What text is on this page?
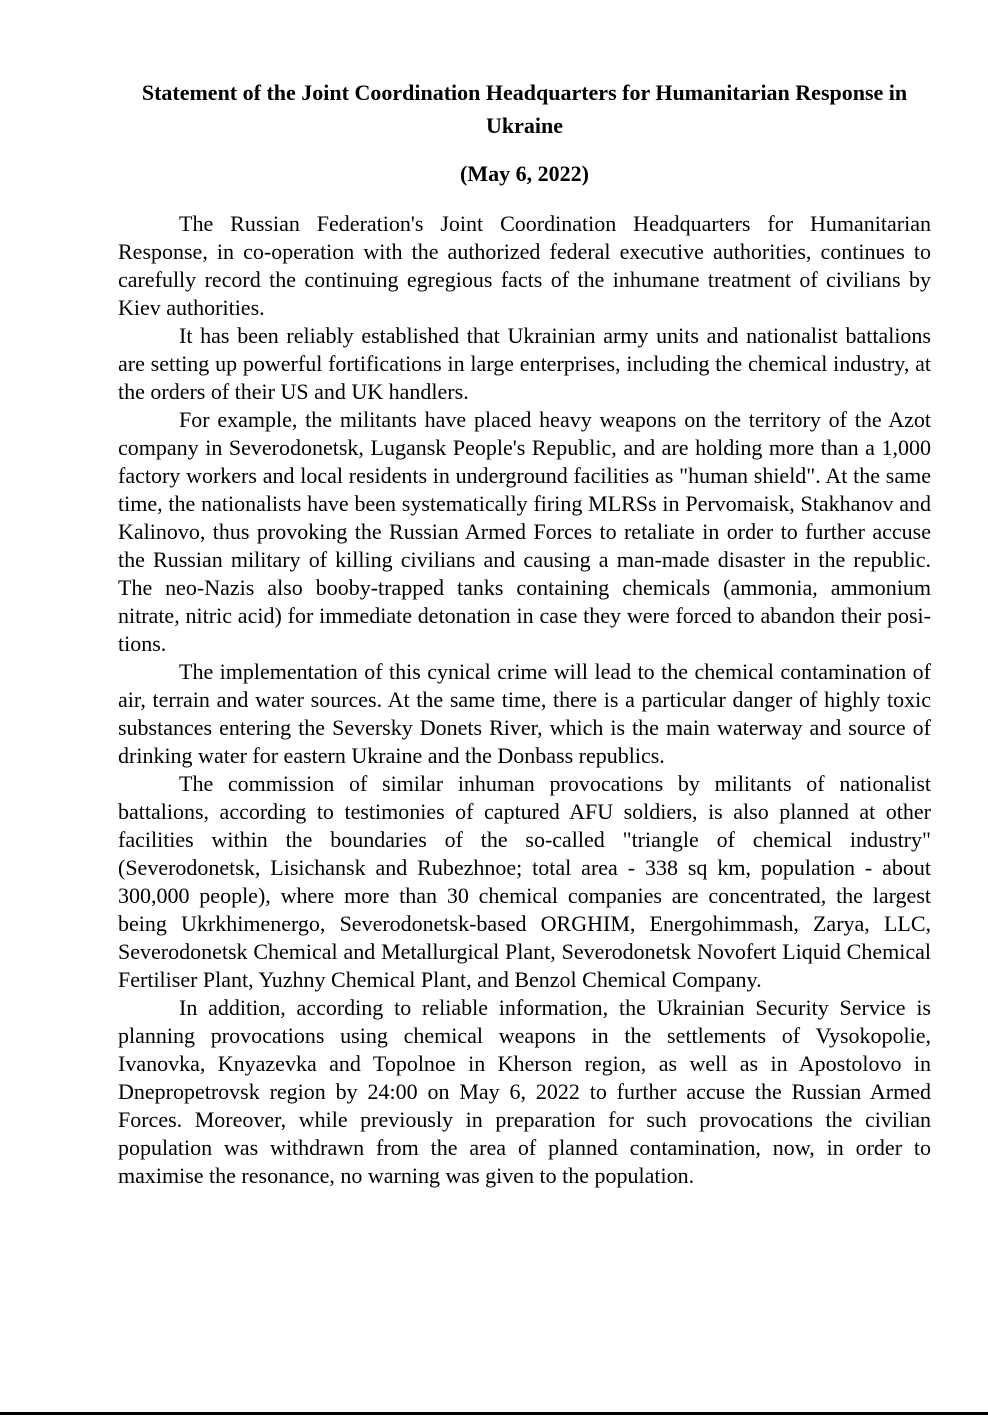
Statement of the Joint Coordination Headquarters for Humanitarian Response in Ukraine

(May 6, 2022)

The Russian Federation's Joint Coordination Headquarters for Humanitarian Response, in co-operation with the authorized federal executive authorities, continues to carefully record the continuing egregious facts of the inhumane treatment of civilians by Kiev authorities.

It has been reliably established that Ukrainian army units and nationalist battalions are setting up powerful fortifications in large enterprises, including the chemical industry, at the orders of their US and UK handlers.

For example, the militants have placed heavy weapons on the territory of the Azot company in Severodonetsk, Lugansk People's Republic, and are holding more than a 1,000 factory workers and local residents in underground facilities as "human shield". At the same time, the nationalists have been systematically firing MLRSs in Pervomaisk, Stakhanov and Kalinovo, thus provoking the Russian Armed Forces to retaliate in order to further accuse the Russian military of killing civilians and causing a man-made disaster in the republic. The neo-Nazis also booby-trapped tanks containing chemicals (ammonia, ammonium nitrate, nitric acid) for immediate detonation in case they were forced to abandon their positions.

The implementation of this cynical crime will lead to the chemical contamination of air, terrain and water sources. At the same time, there is a particular danger of highly toxic substances entering the Seversky Donets River, which is the main waterway and source of drinking water for eastern Ukraine and the Donbass republics.

The commission of similar inhuman provocations by militants of nationalist battalions, according to testimonies of captured AFU soldiers, is also planned at other facilities within the boundaries of the so-called "triangle of chemical industry" (Severodonetsk, Lisichansk and Rubezhnoe; total area - 338 sq km, population - about 300,000 people), where more than 30 chemical companies are concentrated, the largest being Ukrkhimenergo, Severodonetsk-based ORGHIM, Energohimmash, Zarya, LLC, Severodonetsk Chemical and Metallurgical Plant, Severodonetsk Novofert Liquid Chemical Fertiliser Plant, Yuzhny Chemical Plant, and Benzol Chemical Company.

In addition, according to reliable information, the Ukrainian Security Service is planning provocations using chemical weapons in the settlements of Vysokopolie, Ivanovka, Knyazevka and Topolnoe in Kherson region, as well as in Apostolovo in Dnepropetrovsk region by 24:00 on May 6, 2022 to further accuse the Russian Armed Forces. Moreover, while previously in preparation for such provocations the civilian population was withdrawn from the area of planned contamination, now, in order to maximise the resonance, no warning was given to the population.
